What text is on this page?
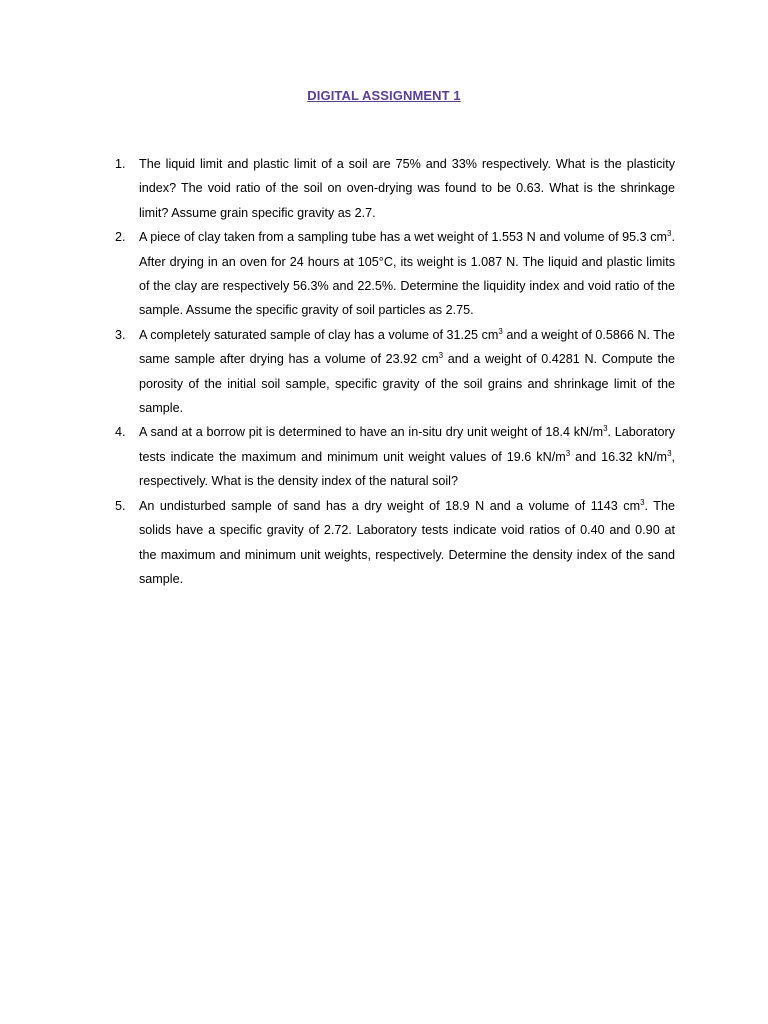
DIGITAL ASSIGNMENT 1
1. The liquid limit and plastic limit of a soil are 75% and 33% respectively. What is the plasticity index? The void ratio of the soil on oven-drying was found to be 0.63. What is the shrinkage limit? Assume grain specific gravity as 2.7.
2. A piece of clay taken from a sampling tube has a wet weight of 1.553 N and volume of 95.3 $cm^3$. After drying in an oven for 24 hours at 105°C, its weight is 1.087 N. The liquid and plastic limits of the clay are respectively 56.3% and 22.5%. Determine the liquidity index and void ratio of the sample. Assume the specific gravity of soil particles as 2.75.
3. A completely saturated sample of clay has a volume of 31.25 $cm^3$ and a weight of 0.5866 N. The same sample after drying has a volume of 23.92 $cm^3$ and a weight of 0.4281 N. Compute the porosity of the initial soil sample, specific gravity of the soil grains and shrinkage limit of the sample.
4. A sand at a borrow pit is determined to have an in-situ dry unit weight of 18.4 $kN/m^3$. Laboratory tests indicate the maximum and minimum unit weight values of 19.6 $kN/m^3$ and 16.32 $kN/m^3$, respectively. What is the density index of the natural soil?
5. An undisturbed sample of sand has a dry weight of 18.9 N and a volume of 1143 $cm^3$. The solids have a specific gravity of 2.72. Laboratory tests indicate void ratios of 0.40 and 0.90 at the maximum and minimum unit weights, respectively. Determine the density index of the sand sample.
